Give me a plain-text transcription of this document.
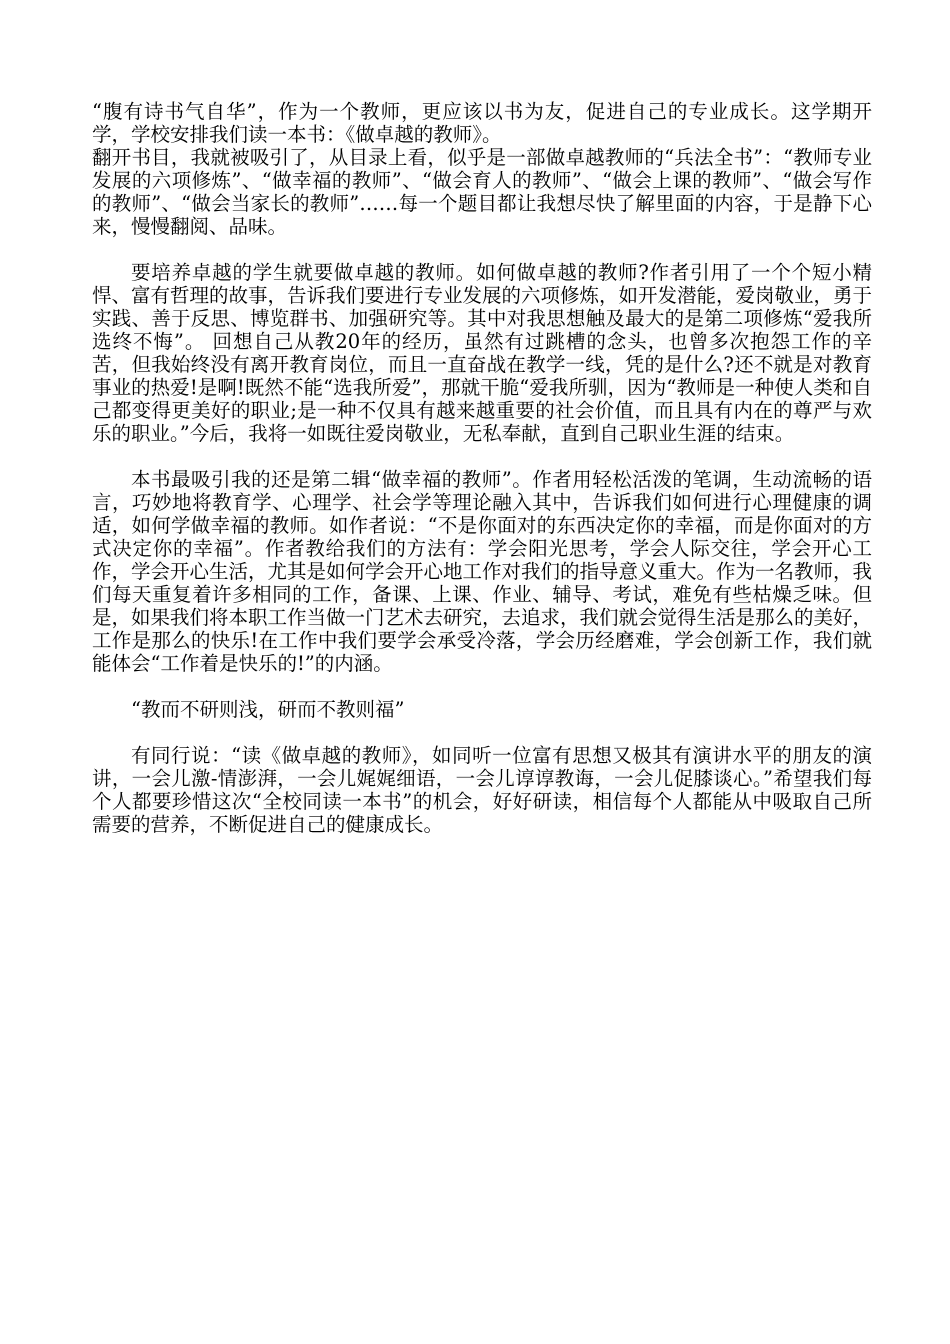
“腹有诗书气自华”，作为一个教师，更应该以书为友，促进自己的专业成长。这学期开学，学校安排我们读一本书：《做卓越的教师》。

翻开书目，我就被吸引了，从目录上看，似乎是一部做卓越教师的“兵法全书”：“教师专业发展的六项修炼”、“做幸福的教师”、“做会育人的教师”、“做会上课的教师”、“做会写作的教师”、“做会当家长的教师”……每一个题目都让我想尽快了解里面的内容，于是静下心来，慢慢翻阅、品味。

要培养卓越的学生就要做卓越的教师。如何做卓越的教师?作者引用了一个个短小精悍、富有哲理的故事，告诉我们要进行专业发展的六项修炼，如开发潜能，爱岗敬业，勇于实践、善于反思、博览群书、加强研究等。其中对我思想触及最大的是第二项修炼“爱我所选终不悔”。 回想自己从教20年的经历，虽然有过跳槽的念头，也曾多次抱怨工作的辛苦，但我始终没有离开教育岗位，而且一直奋战在教学一线，凭的是什么?还不就是对教育事业的热爱!是啊!既然不能“选我所爱”，那就干脆“爱我所驯，因为“教师是一种使人类和自己都变得更美好的职业;是一种不仅具有越来越重要的社会价值，而且具有内在的尊严与欢乐的职业。”今后，我将一如既往爱岗敬业，无私奉献，直到自己职业生涯的结束。

本书最吸引我的还是第二辑“做幸福的教师”。作者用轻松活泼的笔调，生动流畅的语言，巧妙地将教育学、心理学、社会学等理论融入其中，告诉我们如何进行心理健康的调适，如何学做幸福的教师。如作者说：“不是你面对的东西决定你的幸福，而是你面对的方式决定你的幸福”。作者教给我们的方法有：学会阳光思考，学会人际交往，学会开心工作，学会开心生活，尤其是如何学会开心地工作对我们的指导意义重大。作为一名教师，我们每天重复着许多相同的工作，备课、上课、作业、辅导、考试，难免有些枯燥乏味。但是，如果我们将本职工作当做一门艺术去研究，去追求，我们就会觉得生活是那么的美好，工作是那么的快乐!在工作中我们要学会承受冷落，学会历经磨难，学会创新工作，我们就能体会“工作着是快乐的!”的内涵。

“教而不研则浅，研而不教则福”

有同行说：“读《做卓越的教师》，如同听一位富有思想又极其有演讲水平的朋友的演讲，一会儿激-情澎湃，一会儿娓娓细语，一会儿谆谆教诲，一会儿促膝谈心。”希望我们每个人都要珍惜这次“全校同读一本书”的机会，好好研读，相信每个人都能从中吸取自己所需要的营养，不断促进自己的健康成长。
